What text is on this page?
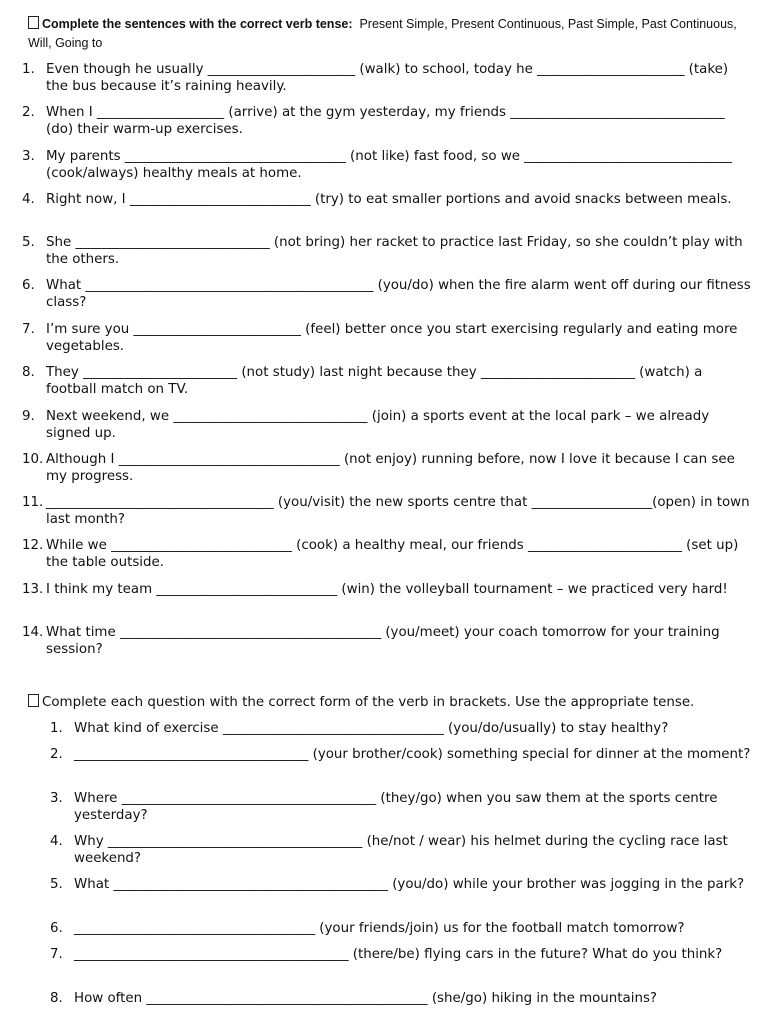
Complete the sentences with the correct verb tense: Present Simple, Present Continuous, Past Simple, Past Continuous, Will, Going to
1. Even though he usually ______________________ (walk) to school, today he ______________________ (take) the bus because it’s raining heavily.
2. When I ___________________ (arrive) at the gym yesterday, my friends ________________________________ (do) their warm-up exercises.
3. My parents _________________________________ (not like) fast food, so we _______________________________ (cook/always) healthy meals at home.
4. Right now, I ___________________________ (try) to eat smaller portions and avoid snacks between meals.
5. She _____________________________ (not bring) her racket to practice last Friday, so she couldn’t play with the others.
6. What ___________________________________________ (you/do) when the fire alarm went off during our fitness class?
7. I’m sure you _________________________ (feel) better once you start exercising regularly and eating more vegetables.
8. They _______________________ (not study) last night because they _______________________ (watch) a football match on TV.
9. Next weekend, we _____________________________ (join) a sports event at the local park – we already signed up.
10. Although I _________________________________ (not enjoy) running before, now I love it because I can see my progress.
11. __________________________________ (you/visit) the new sports centre that __________________(open) in town last month?
12. While we ___________________________ (cook) a healthy meal, our friends _______________________ (set up) the table outside.
13. I think my team ___________________________ (win) the volleyball tournament – we practiced very hard!
14. What time _______________________________________ (you/meet) your coach tomorrow for your training session?
Complete each question with the correct form of the verb in brackets. Use the appropriate tense.
1. What kind of exercise _________________________________ (you/do/usually) to stay healthy?
2. ___________________________________ (your brother/cook) something special for dinner at the moment?
3. Where ______________________________________ (they/go) when you saw them at the sports centre yesterday?
4. Why ______________________________________ (he/not / wear) his helmet during the cycling race last weekend?
5. What _________________________________________ (you/do) while your brother was jogging in the park?
6. ____________________________________ (your friends/join) us for the football match tomorrow?
7. _________________________________________ (there/be) flying cars in the future? What do you think?
8. How often __________________________________________ (she/go) hiking in the mountains?
